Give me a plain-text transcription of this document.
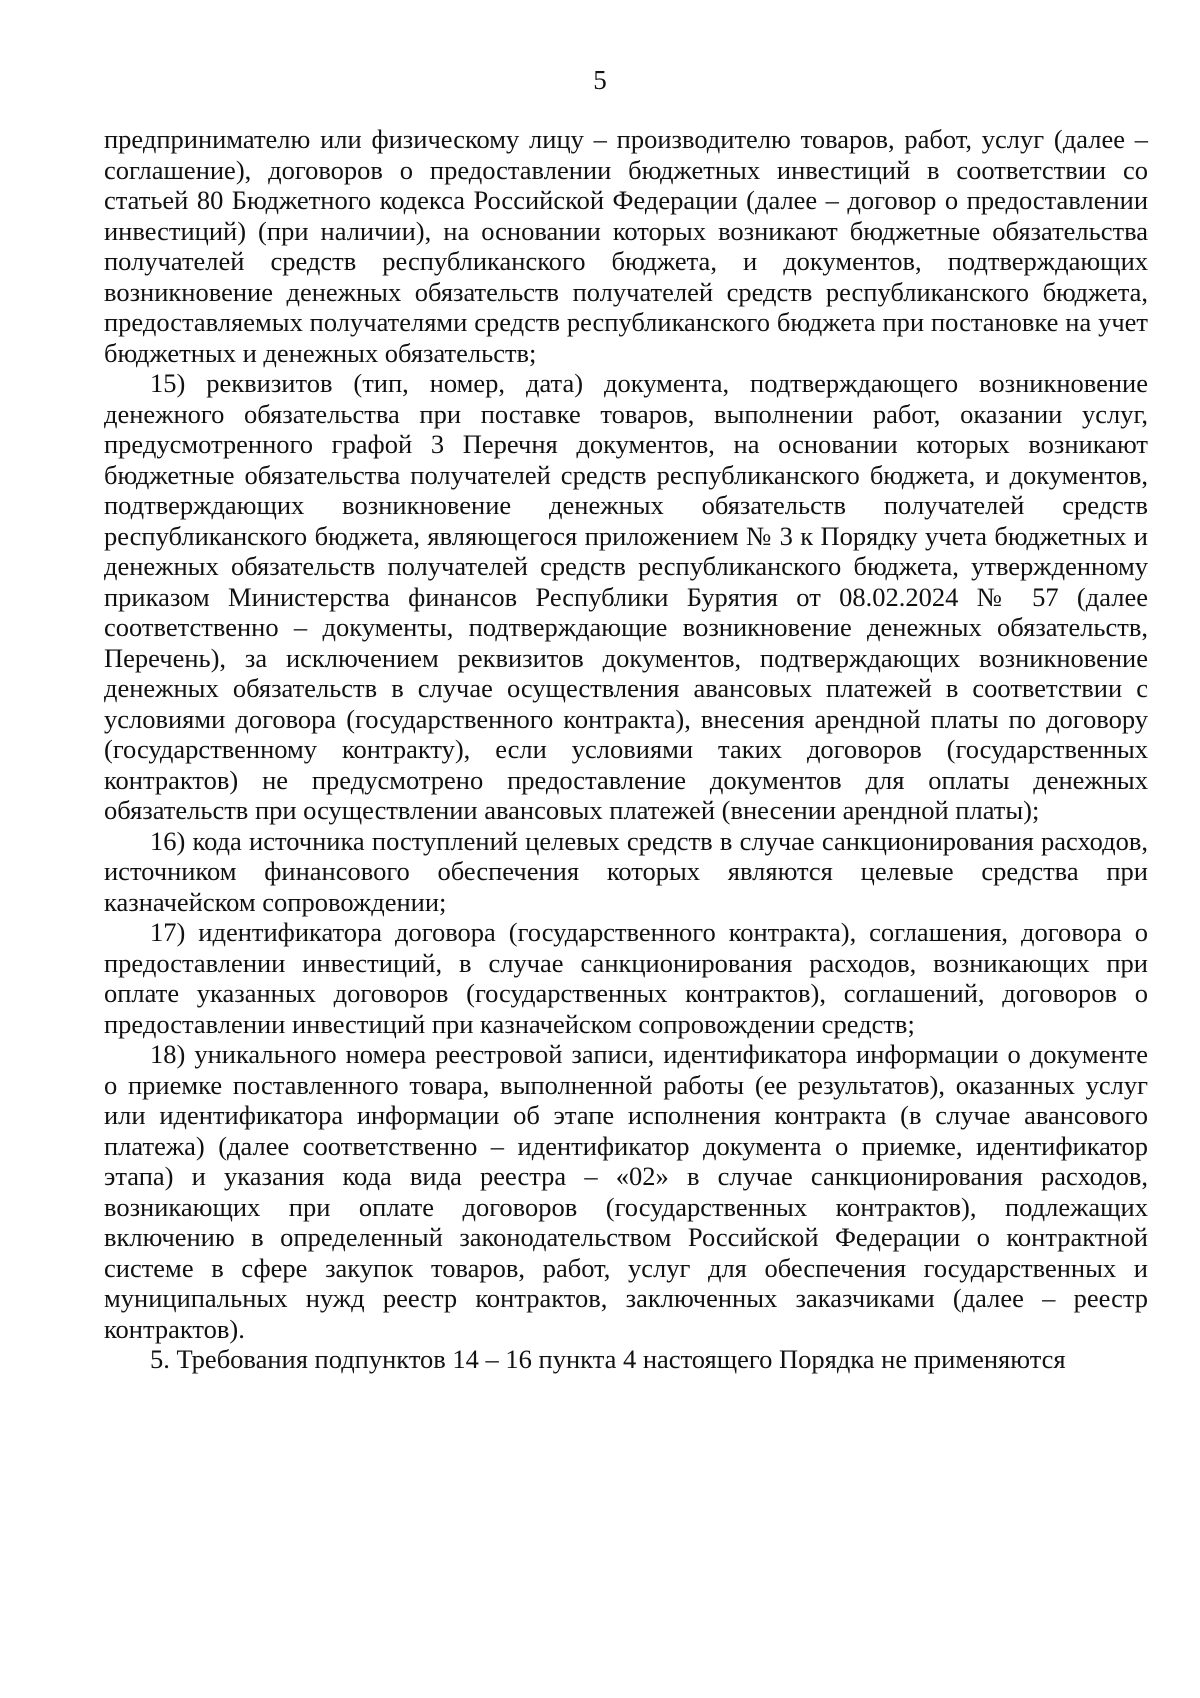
5

предпринимателю или физическому лицу – производителю товаров, работ, услуг (далее – соглашение), договоров о предоставлении бюджетных инвестиций в соответствии со статьей 80 Бюджетного кодекса Российской Федерации (далее – договор о предоставлении инвестиций) (при наличии), на основании которых возникают бюджетные обязательства получателей средств республиканского бюджета, и документов, подтверждающих возникновение денежных обязательств получателей средств республиканского бюджета, предоставляемых получателями средств республиканского бюджета при постановке на учет бюджетных и денежных обязательств;

15) реквизитов (тип, номер, дата) документа, подтверждающего возникновение денежного обязательства при поставке товаров, выполнении работ, оказании услуг, предусмотренного графой 3 Перечня документов, на основании которых возникают бюджетные обязательства получателей средств республиканского бюджета, и документов, подтверждающих возникновение денежных обязательств получателей средств республиканского бюджета, являющегося приложением № 3 к Порядку учета бюджетных и денежных обязательств получателей средств республиканского бюджета, утвержденному приказом Министерства финансов Республики Бурятия от 08.02.2024 № 57 (далее соответственно – документы, подтверждающие возникновение денежных обязательств, Перечень), за исключением реквизитов документов, подтверждающих возникновение денежных обязательств в случае осуществления авансовых платежей в соответствии с условиями договора (государственного контракта), внесения арендной платы по договору (государственному контракту), если условиями таких договоров (государственных контрактов) не предусмотрено предоставление документов для оплаты денежных обязательств при осуществлении авансовых платежей (внесении арендной платы);

16) кода источника поступлений целевых средств в случае санкционирования расходов, источником финансового обеспечения которых являются целевые средства при казначейском сопровождении;

17) идентификатора договора (государственного контракта), соглашения, договора о предоставлении инвестиций, в случае санкционирования расходов, возникающих при оплате указанных договоров (государственных контрактов), соглашений, договоров о предоставлении инвестиций при казначейском сопровождении средств;

18) уникального номера реестровой записи, идентификатора информации о документе о приемке поставленного товара, выполненной работы (ее результатов), оказанных услуг или идентификатора информации об этапе исполнения контракта (в случае авансового платежа) (далее соответственно – идентификатор документа о приемке, идентификатор этапа) и указания кода вида реестра – «02» в случае санкционирования расходов, возникающих при оплате договоров (государственных контрактов), подлежащих включению в определенный законодательством Российской Федерации о контрактной системе в сфере закупок товаров, работ, услуг для обеспечения государственных и муниципальных нужд реестр контрактов, заключенных заказчиками (далее – реестр контрактов).

5. Требования подпунктов 14 – 16 пункта 4 настоящего Порядка не применяются
